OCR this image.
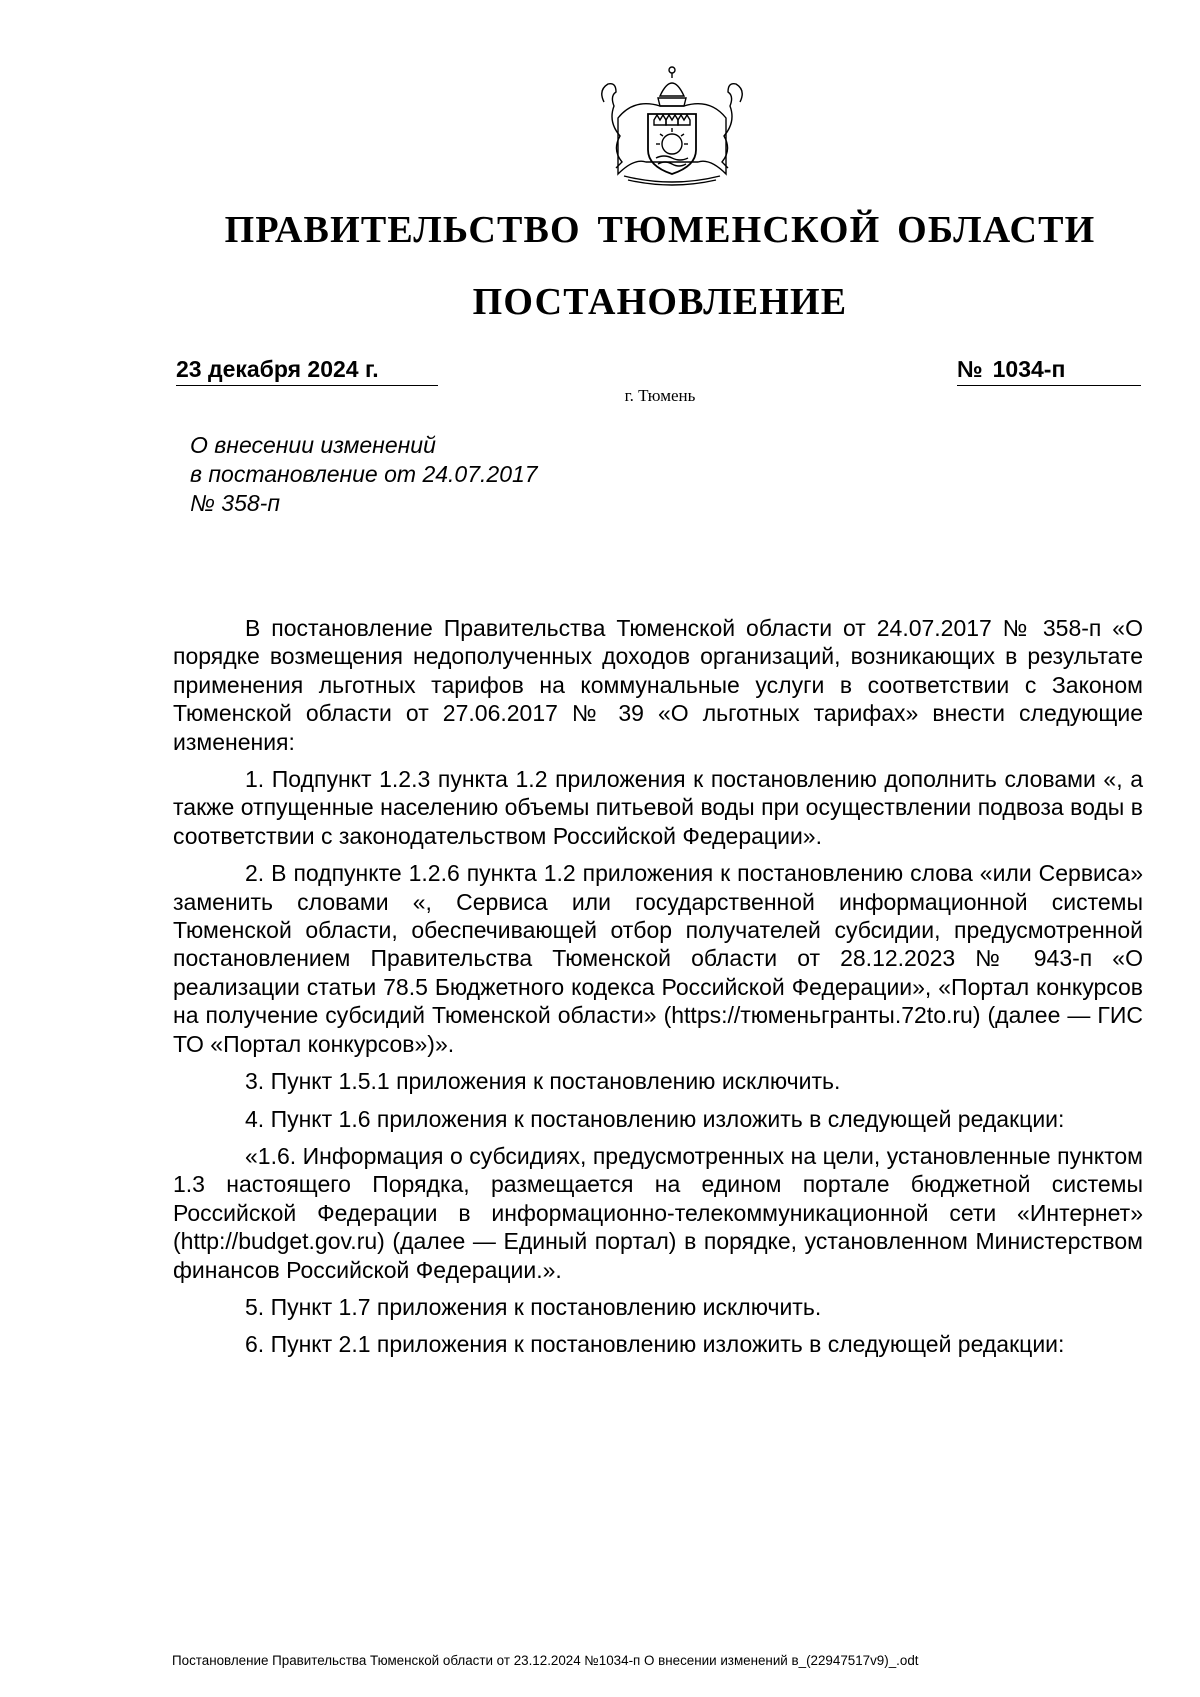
ПРАВИТЕЛЬСТВО ТЮМЕНСКОЙ ОБЛАСТИ
ПОСТАНОВЛЕНИЕ
23 декабря 2024 г.	№ 1034-п
г. Тюмень
О внесении изменений
в постановление от 24.07.2017
№ 358-п

В постановление Правительства Тюменской области от 24.07.2017 № 358-п «О порядке возмещения недополученных доходов организаций, возникающих в результате применения льготных тарифов на коммунальные услуги в соответствии с Законом Тюменской области от 27.06.2017 № 39 «О льготных тарифах» внести следующие изменения:

1. Подпункт 1.2.3 пункта 1.2 приложения к постановлению дополнить словами «, а также отпущенные населению объемы питьевой воды при осуществлении подвоза воды в соответствии с законодательством Российской Федерации».

2. В подпункте 1.2.6 пункта 1.2 приложения к постановлению слова «или Сервиса» заменить словами «, Сервиса или государственной информационной системы Тюменской области, обеспечивающей отбор получателей субсидии, предусмотренной постановлением Правительства Тюменской области от 28.12.2023 № 943-п «О реализации статьи 78.5 Бюджетного кодекса Российской Федерации», «Портал конкурсов на получение субсидий Тюменской области» (https://тюменьгранты.72to.ru) (далее — ГИС ТО «Портал конкурсов»)».

3. Пункт 1.5.1 приложения к постановлению исключить.

4. Пункт 1.6 приложения к постановлению изложить в следующей редакции:

«1.6. Информация о субсидиях, предусмотренных на цели, установленные пунктом 1.3 настоящего Порядка, размещается на едином портале бюджетной системы Российской Федерации в информационно-телекоммуникационной сети «Интернет» (http://budget.gov.ru) (далее — Единый портал) в порядке, установленном Министерством финансов Российской Федерации.».

5. Пункт 1.7 приложения к постановлению исключить.

6. Пункт 2.1 приложения к постановлению изложить в следующей редакции:

Постановление Правительства Тюменской области от 23.12.2024 №1034-п О внесении изменений в_(22947517v9)_.odt
